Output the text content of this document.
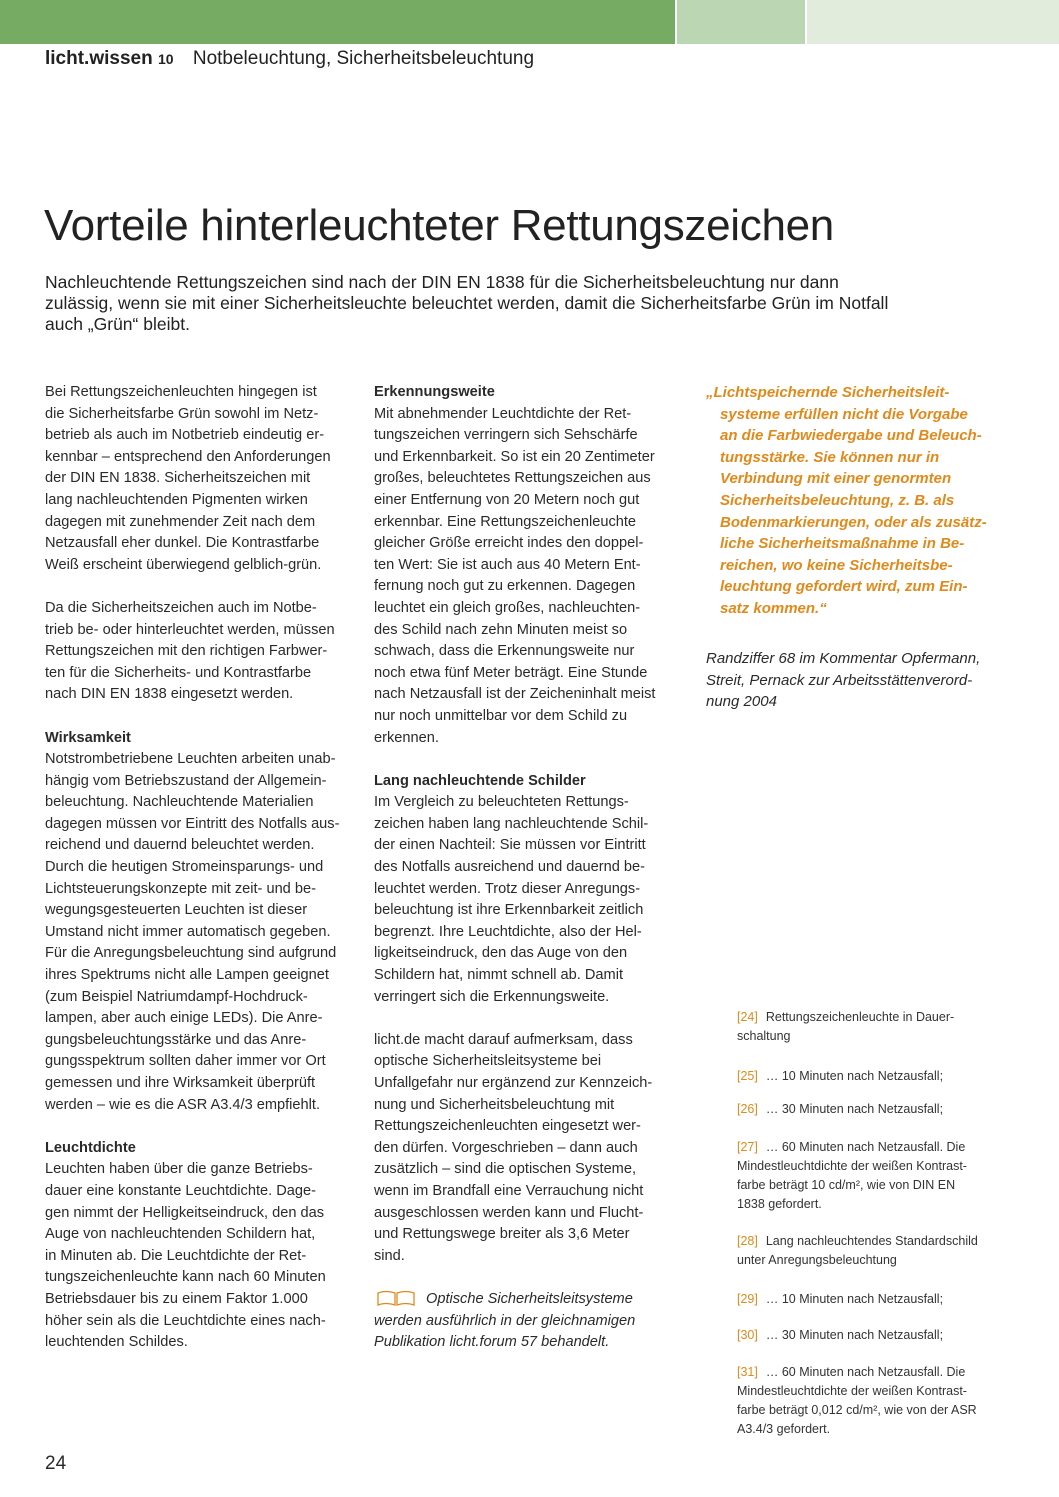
licht.wissen 10 Notbeleuchtung, Sicherheitsbeleuchtung
Vorteile hinterleuchteter Rettungszeichen
Nachleuchtende Rettungszeichen sind nach der DIN EN 1838 für die Sicherheitsbeleuchtung nur dann
zulässig, wenn sie mit einer Sicherheitsleuchte beleuchtet werden, damit die Sicherheitsfarbe Grün im Notfall
auch „Grün“ bleibt.

Bei Rettungszeichenleuchten hingegen ist
die Sicherheitsfarbe Grün sowohl im Netz-
betrieb als auch im Notbetrieb eindeutig er-
kennbar – entsprechend den Anforderungen
der DIN EN 1838. Sicherheitszeichen mit
lang nachleuchtenden Pigmenten wirken
dagegen mit zunehmender Zeit nach dem
Netzausfall eher dunkel. Die Kontrastfarbe
Weiß erscheint überwiegend gelblich-grün.

Da die Sicherheitszeichen auch im Notbe-
trieb be- oder hinterleuchtet werden, müssen
Rettungszeichen mit den richtigen Farbwer-
ten für die Sicherheits- und Kontrastfarbe
nach DIN EN 1838 eingesetzt werden.

Wirksamkeit

Notstrombetriebene Leuchten arbeiten unab-
hängig vom Betriebszustand der Allgemein-
beleuchtung. Nachleuchtende Materialien
dagegen müssen vor Eintritt des Notfalls aus-
reichend und dauernd beleuchtet werden.
Durch die heutigen Stromeinsparungs- und
Lichtsteuerungskonzepte mit zeit- und be-
wegungsgesteuerten Leuchten ist dieser
Umstand nicht immer automatisch gegeben.
Für die Anregungsbeleuchtung sind aufgrund
ihres Spektrums nicht alle Lampen geeignet
(zum Beispiel Natriumdampf-Hochdruck-
lampen, aber auch einige LEDs). Die Anre-
gungsbeleuchtungsstärke und das Anre-
gungsspektrum sollten daher immer vor Ort
gemessen und ihre Wirksamkeit überprüft
werden – wie es die ASR A3.4/3 empfiehlt.

Leuchtdichte

Leuchten haben über die ganze Betriebs-
dauer eine konstante Leuchtdichte. Dage-
gen nimmt der Helligkeitseindruck, den das
Auge von nachleuchtenden Schildern hat,
in Minuten ab. Die Leuchtdichte der Ret-
tungszeichenleuchte kann nach 60 Minuten
Betriebsdauer bis zu einem Faktor 1.000
höher sein als die Leuchtdichte eines nach-
leuchtenden Schildes.

Erkennungsweite

Mit abnehmender Leuchtdichte der Ret-
tungszeichen verringern sich Sehschärfe
und Erkennbarkeit. So ist ein 20 Zentimeter
großes, beleuchtetes Rettungszeichen aus
einer Entfernung von 20 Metern noch gut
erkennbar. Eine Rettungszeichenleuchte
gleicher Größe erreicht indes den doppel-
ten Wert: Sie ist auch aus 40 Metern Ent-
fernung noch gut zu erkennen. Dagegen
leuchtet ein gleich großes, nachleuchten-
des Schild nach zehn Minuten meist so
schwach, dass die Erkennungsweite nur
noch etwa fünf Meter beträgt. Eine Stunde
nach Netzausfall ist der Zeicheninhalt meist
nur noch unmittelbar vor dem Schild zu
erkennen.

Lang nachleuchtende Schilder

Im Vergleich zu beleuchteten Rettungs-
zeichen haben lang nachleuchtende Schil-
der einen Nachteil: Sie müssen vor Eintritt
des Notfalls ausreichend und dauernd be-
leuchtet werden. Trotz dieser Anregungs-
beleuchtung ist ihre Erkennbarkeit zeitlich
begrenzt. Ihre Leuchtdichte, also der Hel-
ligkeitseindruck, den das Auge von den
Schildern hat, nimmt schnell ab. Damit
verringert sich die Erkennungsweite.

licht.de macht darauf aufmerksam, dass
optische Sicherheitsleitsysteme bei
Unfallgefahr nur ergänzend zur Kennzeich-
nung und Sicherheitsbeleuchtung mit
Rettungszeichenleuchten eingesetzt wer-
den dürfen. Vorgeschrieben – dann auch
zusätzlich – sind die optischen Systeme,
wenn im Brandfall eine Verrauchung nicht
ausgeschlossen werden kann und Flucht-
und Rettungswege breiter als 3,6 Meter
sind.

Optische Sicherheitsleitsysteme
werden ausführlich in der gleichnamigen
Publikation licht.forum 57 behandelt.
„Lichtspeichernde Sicherheitsleit-
systeme erfüllen nicht die Vorgabe
an die Farbwiedergabe und Beleuch-
tungsstärke. Sie können nur in
Verbindung mit einer genormten
Sicherheitsbeleuchtung, z. B. als
Bodenmarkierungen, oder als zusätz-
liche Sicherheitsmaßnahme in Be-
reichen, wo keine Sicherheitsbe-
leuchtung gefordert wird, zum Ein-
satz kommen.“
Randziffer 68 im Kommentar Opfermann,
Streit, Pernack zur Arbeitsstättenverord-
nung 2004
[24] Rettungszeichenleuchte in Dauer-
schaltung
[25] … 10 Minuten nach Netzausfall;
[26] … 30 Minuten nach Netzausfall;
[27] … 60 Minuten nach Netzausfall. Die
Mindestleuchtdichte der weißen Kontrast-
farbe beträgt 10 cd/m², wie von DIN EN
1838 gefordert.
[28] Lang nachleuchtendes Standardschild
unter Anregungsbeleuchtung
[29] … 10 Minuten nach Netzausfall;
[30] … 30 Minuten nach Netzausfall;
[31] … 60 Minuten nach Netzausfall. Die
Mindestleuchtdichte der weißen Kontrast-
farbe beträgt 0,012 cd/m², wie von der ASR
A3.4/3 gefordert.
24
